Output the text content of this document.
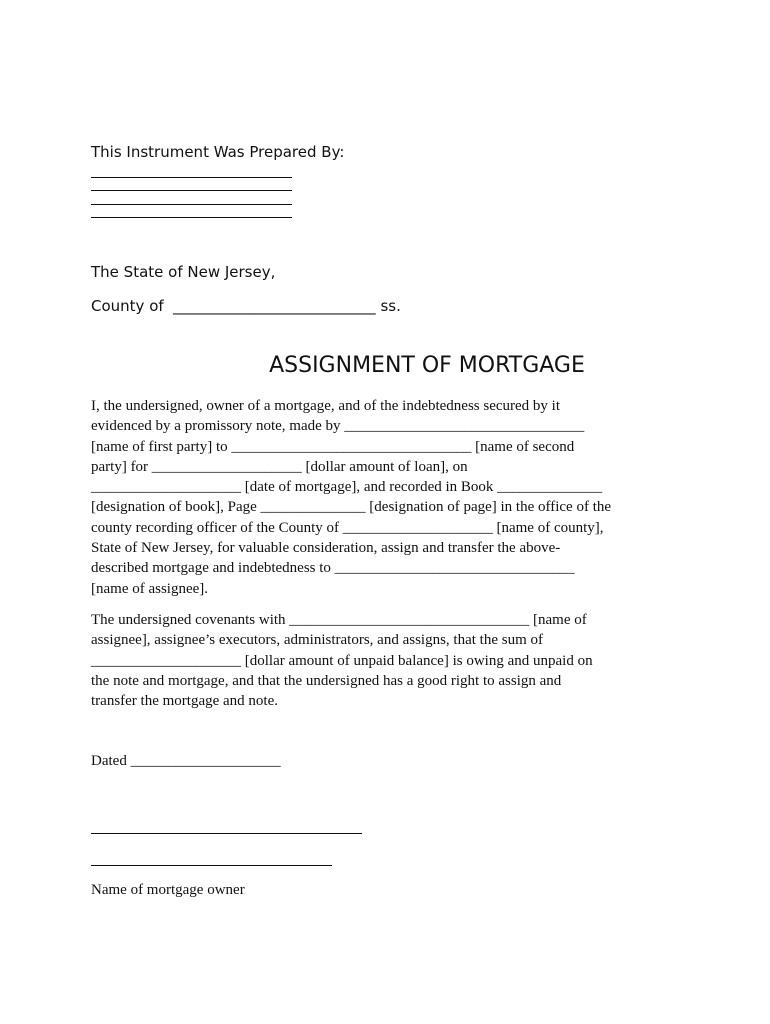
This Instrument Was Prepared By:
The State of New Jersey,
County of  ___________________________ ss.
ASSIGNMENT OF MORTGAGE
I, the undersigned, owner of a mortgage, and of the indebtedness secured by it
evidenced by a promissory note, made by ________________________________
[name of first party] to ________________________________ [name of second
party] for ____________________ [dollar amount of loan], on
____________________ [date of mortgage], and recorded in Book ______________
[designation of book], Page ______________ [designation of page] in the office of the
county recording officer of the County of ____________________ [name of county],
State of New Jersey, for valuable consideration, assign and transfer the above-
described mortgage and indebtedness to ________________________________
[name of assignee].
The undersigned covenants with ________________________________ [name of
assignee], assignee’s executors, administrators, and assigns, that the sum of
____________________ [dollar amount of unpaid balance] is owing and unpaid on
the note and mortgage, and that the undersigned has a good right to assign and
transfer the mortgage and note.
Dated ____________________
Name of mortgage owner
